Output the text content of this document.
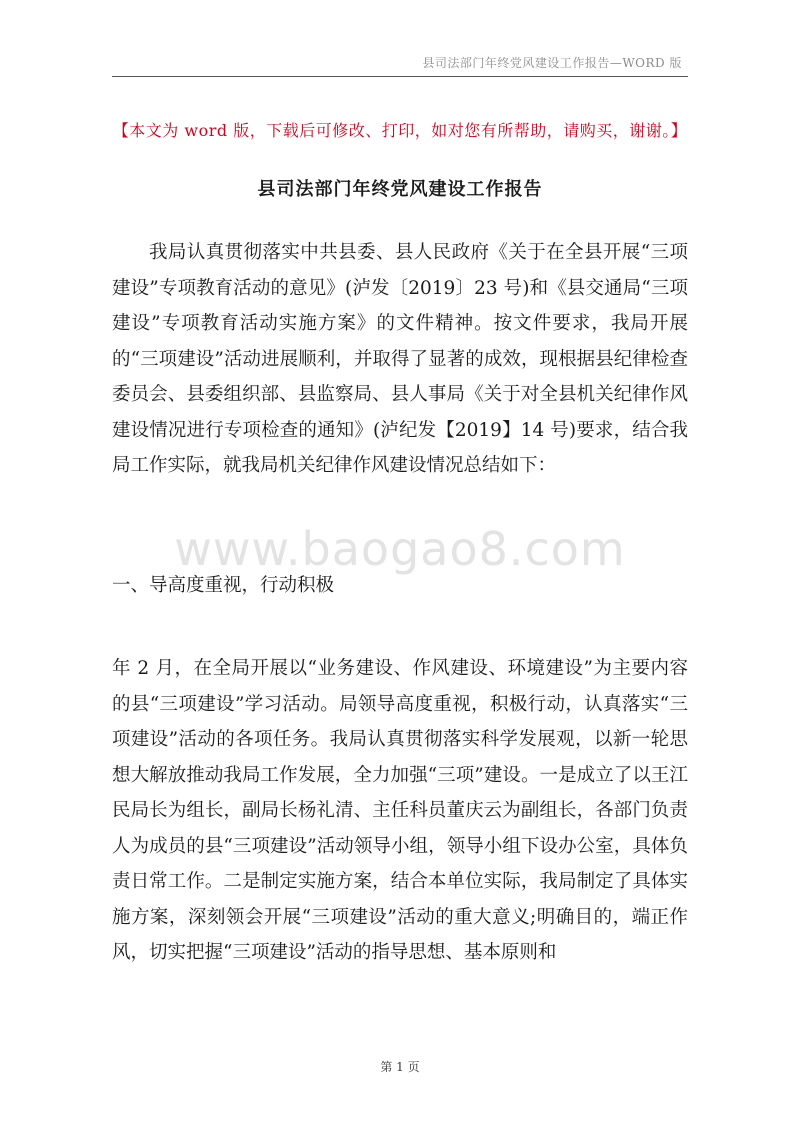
县司法部门年终党风建设工作报告—WORD 版
【本文为 word 版，下载后可修改、打印，如对您有所帮助，请购买，谢谢。】
县司法部门年终党风建设工作报告

我局认真贯彻落实中共县委、县人民政府《关于在全县开展“三项建设”专项教育活动的意见》(泸发〔2019〕23 号)和《县交通局“三项建设”专项教育活动实施方案》的文件精神。按文件要求，我局开展的“三项建设”活动进展顺利，并取得了显著的成效，现根据县纪律检查委员会、县委组织部、县监察局、县人事局《关于对全县机关纪律作风建设情况进行专项检查的通知》(泸纪发【2019】14 号)要求，结合我局工作实际，就我局机关纪律作风建设情况总结如下：

www.baogao8.com
一、导高度重视，行动积极

年 2 月，在全局开展以“业务建设、作风建设、环境建设”为主要内容的县“三项建设”学习活动。局领导高度重视，积极行动，认真落实“三项建设”活动的各项任务。我局认真贯彻落实科学发展观，以新一轮思想大解放推动我局工作发展，全力加强“三项”建设。一是成立了以王江民局长为组长，副局长杨礼清、主任科员董庆云为副组长，各部门负责人为成员的县“三项建设”活动领导小组，领导小组下设办公室，具体负责日常工作。二是制定实施方案，结合本单位实际，我局制定了具体实施方案，深刻领会开展“三项建设”活动的重大意义;明确目的，端正作风，切实把握“三项建设”活动的指导思想、基本原则和

第 1 页
